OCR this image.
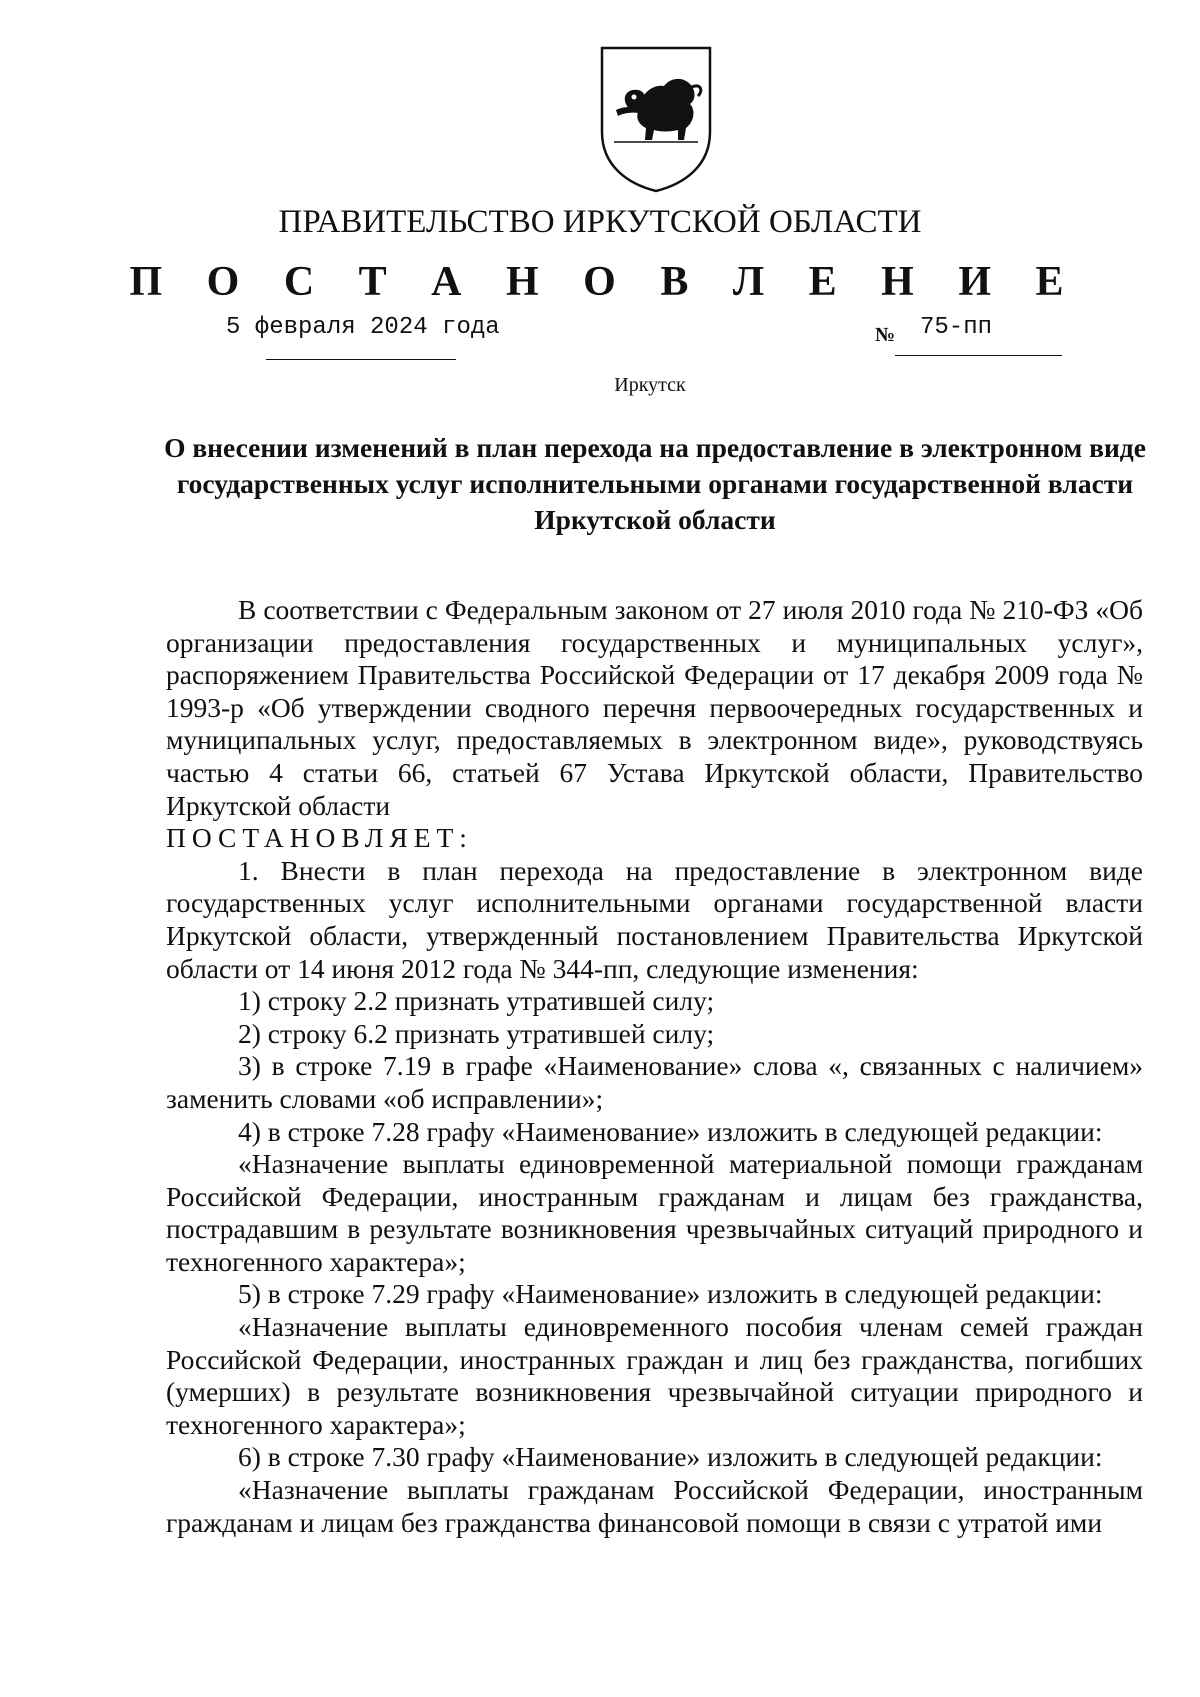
ПРАВИТЕЛЬСТВО ИРКУТСКОЙ ОБЛАСТИ
П О С Т А Н О В Л Е Н И Е
5 февраля 2024 года	№ 75-пп
Иркутск
О внесении изменений в план перехода на предоставление в электронном виде государственных услуг исполнительными органами государственной власти Иркутской области

В соответствии с Федеральным законом от 27 июля 2010 года № 210-ФЗ «Об организации предоставления государственных и муниципальных услуг», распоряжением Правительства Российской Федерации от 17 декабря 2009 года № 1993-р «Об утверждении сводного перечня первоочередных государственных и муниципальных услуг, предоставляемых в электронном виде», руководствуясь частью 4 статьи 66, статьей 67 Устава Иркутской области, Правительство Иркутской области

ПОСТАНОВЛЯЕТ:

1. Внести в план перехода на предоставление в электронном виде государственных услуг исполнительными органами государственной власти Иркутской области, утвержденный постановлением Правительства Иркутской области от 14 июня 2012 года № 344-пп, следующие изменения:

1) строку 2.2 признать утратившей силу;

2) строку 6.2 признать утратившей силу;

3) в строке 7.19 в графе «Наименование» слова «, связанных с наличием» заменить словами «об исправлении»;

4) в строке 7.28 графу «Наименование» изложить в следующей редакции:

«Назначение выплаты единовременной материальной помощи гражданам Российской Федерации, иностранным гражданам и лицам без гражданства, пострадавшим в результате возникновения чрезвычайных ситуаций природного и техногенного характера»;

5) в строке 7.29 графу «Наименование» изложить в следующей редакции:

«Назначение выплаты единовременного пособия членам семей граждан Российской Федерации, иностранных граждан и лиц без гражданства, погибших (умерших) в результате возникновения чрезвычайной ситуации природного и техногенного характера»;

6) в строке 7.30 графу «Наименование» изложить в следующей редакции:

«Назначение выплаты гражданам Российской Федерации, иностранным гражданам и лицам без гражданства финансовой помощи в связи с утратой ими
